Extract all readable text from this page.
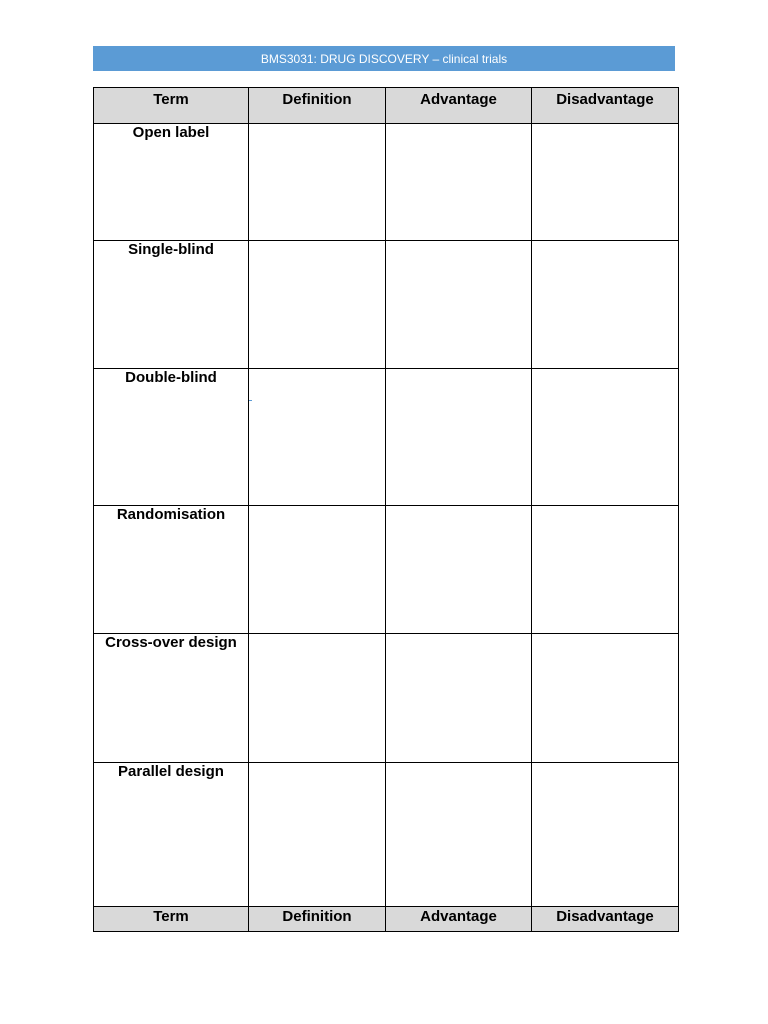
BMS3031: DRUG DISCOVERY – clinical trials
Term	Definition	Advantage	Disadvantage
Open label			
Single-blind			
Double-blind	

Randomisation			
Cross-over design			
Parallel design			
Term	Definition	Advantage	Disadvantage
